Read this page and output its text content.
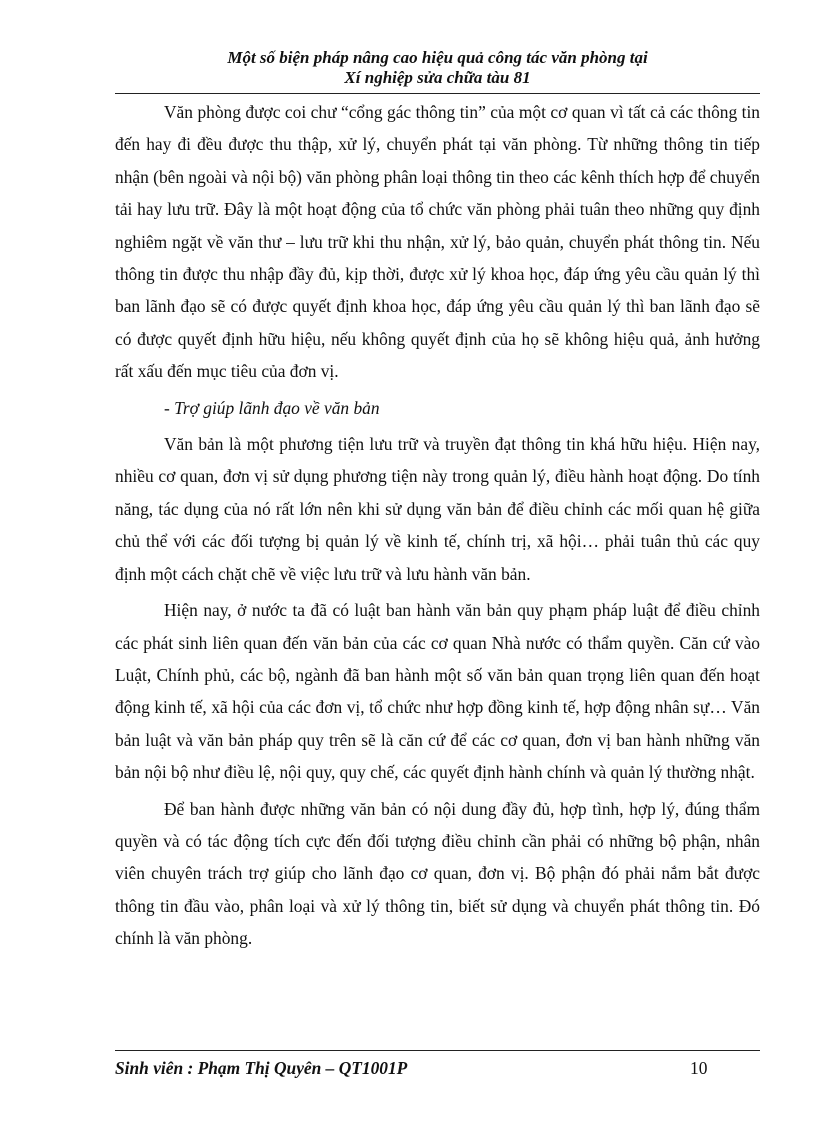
Một số biện pháp nâng cao hiệu quả công tác văn phòng tại
Xí nghiệp sửa chữa tàu 81

Văn phòng được coi chư “cổng gác thông tin” của một cơ quan vì tất cả các thông tin đến hay đi đều được thu thập, xử lý, chuyển phát tại văn phòng. Từ những thông tin tiếp nhận (bên ngoài và nội bộ) văn phòng phân loại thông tin theo các kênh thích hợp để chuyển tải hay lưu trữ. Đây là một hoạt động của tổ chức văn phòng phải tuân theo những quy định nghiêm ngặt về văn thư – lưu trữ khi thu nhận, xử lý, bảo quản, chuyển phát thông tin. Nếu thông tin được thu nhập đầy đủ, kịp thời, được xử lý khoa học, đáp ứng yêu cầu quản lý thì ban lãnh đạo sẽ có được quyết định khoa học, đáp ứng yêu cầu quản lý thì ban lãnh đạo sẽ có được quyết định hữu hiệu, nếu không quyết định của họ sẽ không hiệu quả, ảnh hưởng rất xấu đến mục tiêu của đơn vị.

- Trợ giúp lãnh đạo về văn bản

Văn bản là một phương tiện lưu trữ và truyền đạt thông tin khá hữu hiệu. Hiện nay, nhiều cơ quan, đơn vị sử dụng phương tiện này trong quản lý, điều hành hoạt động. Do tính năng, tác dụng của nó rất lớn nên khi sử dụng văn bản để điều chỉnh các mối quan hệ giữa chủ thể với các đối tượng bị quản lý về kinh tế, chính trị, xã hội… phải tuân thủ các quy định một cách chặt chẽ về việc lưu trữ và lưu hành văn bản.

Hiện nay, ở nước ta đã có luật ban hành văn bản quy phạm pháp luật để điều chỉnh các phát sinh liên quan đến văn bản của các cơ quan Nhà nước có thẩm quyền. Căn cứ vào Luật, Chính phủ, các bộ, ngành đã ban hành một số văn bản quan trọng liên quan đến hoạt động kinh tế, xã hội của các đơn vị, tổ chức như hợp đồng kinh tế, hợp động nhân sự… Văn bản luật và văn bản pháp quy trên sẽ là căn cứ để các cơ quan, đơn vị ban hành những văn bản nội bộ như điều lệ, nội quy, quy chế, các quyết định hành chính và quản lý thường nhật.

Để ban hành được những văn bản có nội dung đầy đủ, hợp tình, hợp lý, đúng thẩm quyền và có tác động tích cực đến đối tượng điều chỉnh cần phải có những bộ phận, nhân viên chuyên trách trợ giúp cho lãnh đạo cơ quan, đơn vị. Bộ phận đó phải nắm bắt được thông tin đầu vào, phân loại và xử lý thông tin, biết sử dụng và chuyển phát thông tin. Đó chính là văn phòng.

Sinh viên : Phạm Thị Quyên – QT1001P	10
